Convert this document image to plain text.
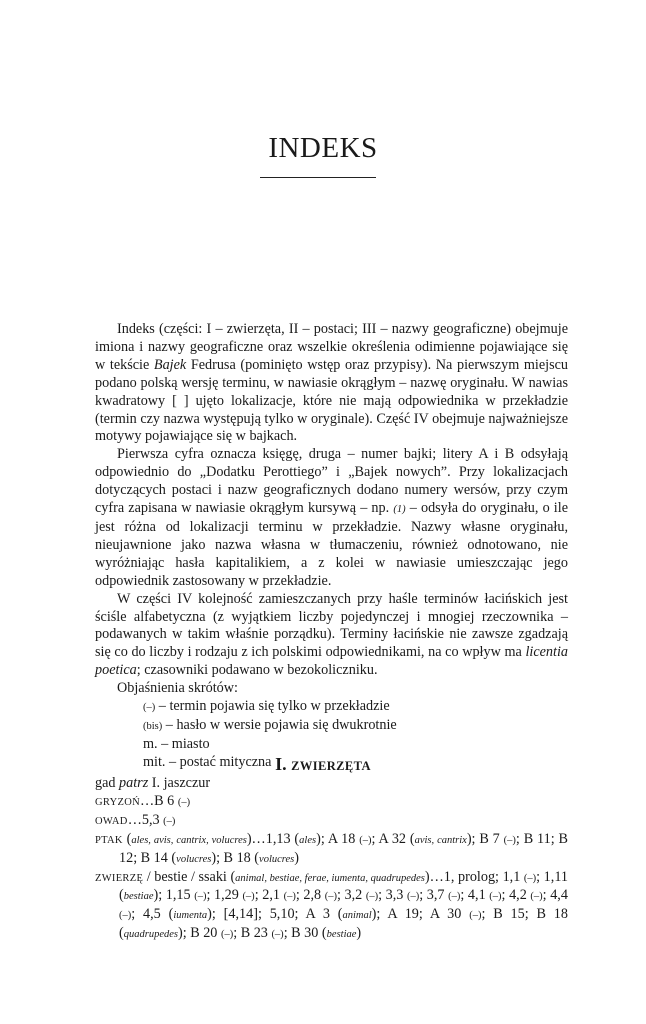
INDEKS

Indeks (części: I – zwierzęta, II – postaci; III – nazwy geograficzne) obejmuje imiona i nazwy geograficzne oraz wszelkie określenia odimienne pojawiające się w tekście Bajek Fedrusa (pominięto wstęp oraz przypisy). Na pierwszym miejscu podano polską wersję terminu, w nawiasie okrągłym – nazwę oryginału. W nawias kwadratowy [ ] ujęto lokalizacje, które nie mają odpowiednika w przekładzie (termin czy nazwa występują tylko w oryginale). Część IV obejmuje najważniejsze motywy pojawiające się w bajkach.

Pierwsza cyfra oznacza księgę, druga – numer bajki; litery A i B odsyłają odpowiednio do „Dodatku Perottiego” i „Bajek nowych”. Przy lokalizacjach dotyczących postaci i nazw geograficznych dodano numery wersów, przy czym cyfra zapisana w nawiasie okrągłym kursywą – np. (1) – odsyła do oryginału, o ile jest różna od lokalizacji terminu w przekładzie. Nazwy własne oryginału, nieujawnione jako nazwa własna w tłumaczeniu, również odnotowano, nie wyróżniając hasła kapitalikiem, a z kolei w nawiasie umieszczając jego odpowiednik zastosowany w przekładzie.

W części IV kolejność zamieszczanych przy haśle terminów łacińskich jest ściśle alfabetyczna (z wyjątkiem liczby pojedynczej i mnogiej rzeczownika – podawanych w takim właśnie porządku). Terminy łacińskie nie zawsze zgadzają się co do liczby i rodzaju z ich polskimi odpowiednikami, na co wpływ ma licentia poetica; czasowniki podawano w bezokoliczniku.

Objaśnienia skrótów:

(–) – termin pojawia się tylko w przekładzie
(bis) – hasło w wersie pojawia się dwukrotnie
m. – miasto
mit. – postać mityczna I. ZWIERZĘTA

gad patrz I. jaszczur

GRYZOŃ…B 6 (–)

OWAD…5,3 (–)

PTAK (ales, avis, cantrix, volucres)…1,13 (ales); A 18 (–); A 32 (avis, cantrix); B 7 (–); B 11; B 12; B 14 (volucres); B 18 (volucres)

ZWIERZĘ / bestie / ssaki (animal, bestiae, ferae, iumenta, quadrupedes)…1, prolog; 1,1 (–); 1,11 (bestiae); 1,15 (–); 1,29 (–); 2,1 (–); 2,8 (–); 3,2 (–); 3,3 (–); 3,7 (–); 4,1 (–); 4,2 (–); 4,4 (–); 4,5 (iumenta); [4,14]; 5,10; A 3 (animal); A 19; A 30 (–); B 15; B 18 (quadrupedes); B 20 (–); B 23 (–); B 30 (bestiae)
